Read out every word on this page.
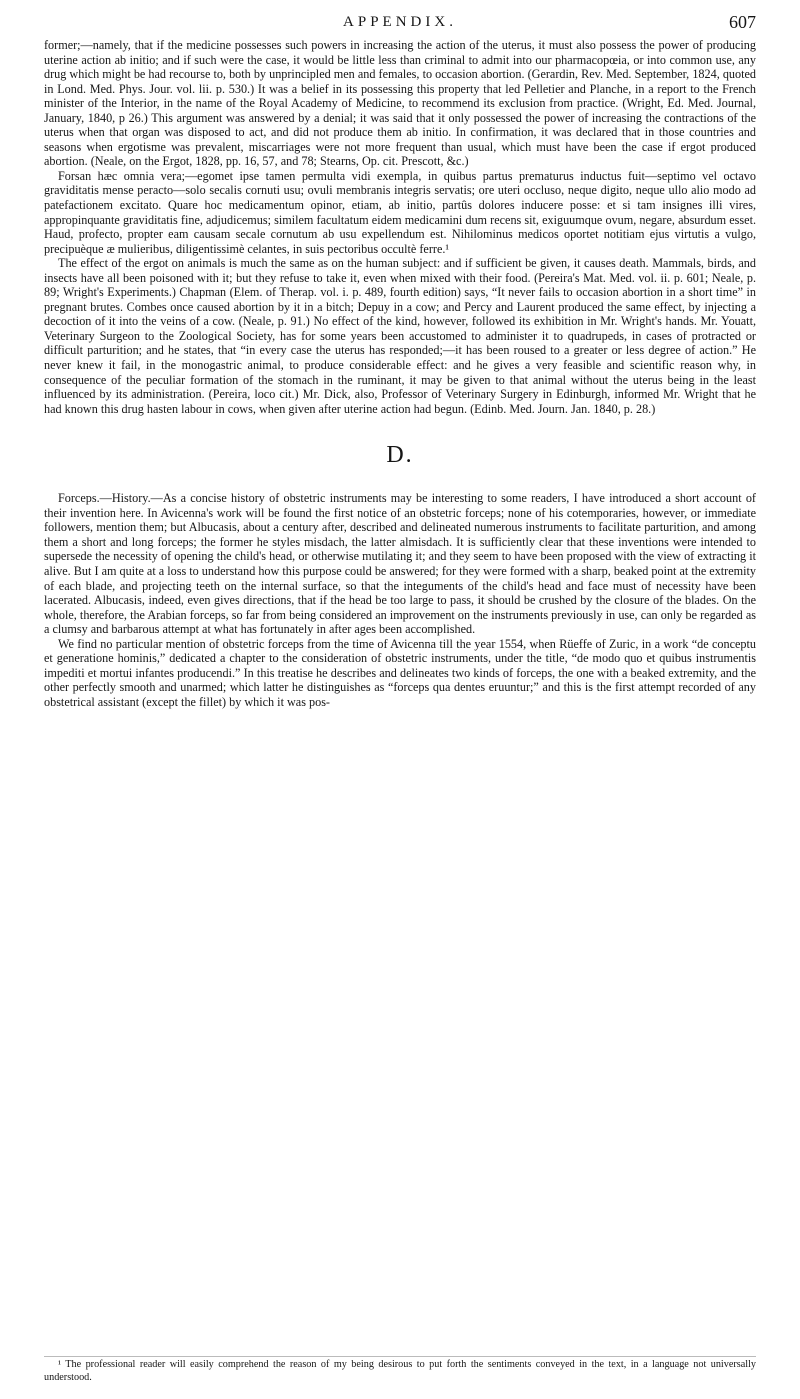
APPENDIX.	607

former;—namely, that if the medicine possesses such powers in increasing the action of the uterus, it must also possess the power of producing uterine action ab initio; and if such were the case, it would be little less than criminal to admit into our pharmacopœia, or into common use, any drug which might be had recourse to, both by unprincipled men and females, to occasion abortion. (Gerardin, Rev. Med. September, 1824, quoted in Lond. Med. Phys. Jour. vol. lii. p. 530.) It was a belief in its possessing this property that led Pelletier and Planche, in a report to the French minister of the Interior, in the name of the Royal Academy of Medicine, to recommend its exclusion from practice. (Wright, Ed. Med. Journal, January, 1840, p 26.) This argument was answered by a denial; it was said that it only possessed the power of increasing the contractions of the uterus when that organ was disposed to act, and did not produce them ab initio. In confirmation, it was declared that in those countries and seasons when ergotisme was prevalent, miscarriages were not more frequent than usual, which must have been the case if ergot produced abortion. (Neale, on the Ergot, 1828, pp. 16, 57, and 78; Stearns, Op. cit. Prescott, &c.)

Forsan hæc omnia vera;—egomet ipse tamen permulta vidi exempla, in quibus partus prematurus inductus fuit—septimo vel octavo graviditatis mense peracto—solo secalis cornuti usu; ovuli membranis integris servatis; ore uteri occluso, neque digito, neque ullo alio modo ad patefactionem excitato. Quare hoc medicamentum opinor, etiam, ab initio, partûs dolores inducere posse: et si tam insignes illi vires, appropinquante graviditatis fine, adjudicemus; similem facultatum eidem medicamini dum recens sit, exiguumque ovum, negare, absurdum esset. Haud, profecto, propter eam causam secale cornutum ab usu expellendum est. Nihilominus medicos oportet notitiam ejus virtutis a vulgo, precipuèque æ mulieribus, diligentissimè celantes, in suis pectoribus occultè ferre.¹

The effect of the ergot on animals is much the same as on the human subject: and if sufficient be given, it causes death. Mammals, birds, and insects have all been poisoned with it; but they refuse to take it, even when mixed with their food. (Pereira's Mat. Med. vol. ii. p. 601; Neale, p. 89; Wright's Experiments.) Chapman (Elem. of Therap. vol. i. p. 489, fourth edition) says, “It never fails to occasion abortion in a short time” in pregnant brutes. Combes once caused abortion by it in a bitch; Depuy in a cow; and Percy and Laurent produced the same effect, by injecting a decoction of it into the veins of a cow. (Neale, p. 91.) No effect of the kind, however, followed its exhibition in Mr. Wright's hands. Mr. Youatt, Veterinary Surgeon to the Zoological Society, has for some years been accustomed to administer it to quadrupeds, in cases of protracted or difficult parturition; and he states, that “in every case the uterus has responded;—it has been roused to a greater or less degree of action.” He never knew it fail, in the monogastric animal, to produce considerable effect: and he gives a very feasible and scientific reason why, in consequence of the peculiar formation of the stomach in the ruminant, it may be given to that animal without the uterus being in the least influenced by its administration. (Pereira, loco cit.) Mr. Dick, also, Professor of Veterinary Surgery in Edinburgh, informed Mr. Wright that he had known this drug hasten labour in cows, when given after uterine action had begun. (Edinb. Med. Journ. Jan. 1840, p. 28.)

D.

Forceps.—History.—As a concise history of obstetric instruments may be interesting to some readers, I have introduced a short account of their invention here. In Avicenna's work will be found the first notice of an obstetric forceps; none of his cotemporaries, however, or immediate followers, mention them; but Albucasis, about a century after, described and delineated numerous instruments to facilitate parturition, and among them a short and long forceps; the former he styles misdach, the latter almisdach. It is sufficiently clear that these inventions were intended to supersede the necessity of opening the child's head, or otherwise mutilating it; and they seem to have been proposed with the view of extracting it alive. But I am quite at a loss to understand how this purpose could be answered; for they were formed with a sharp, beaked point at the extremity of each blade, and projecting teeth on the internal surface, so that the integuments of the child's head and face must of necessity have been lacerated. Albucasis, indeed, even gives directions, that if the head be too large to pass, it should be crushed by the closure of the blades. On the whole, therefore, the Arabian forceps, so far from being considered an improvement on the instruments previously in use, can only be regarded as a clumsy and barbarous attempt at what has fortunately in after ages been accomplished.

We find no particular mention of obstetric forceps from the time of Avicenna till the year 1554, when Rüeffe of Zuric, in a work “de conceptu et generatione hominis,” dedicated a chapter to the consideration of obstetric instruments, under the title, “de modo quo et quibus instrumentis impediti et mortui infantes producendi.” In this treatise he describes and delineates two kinds of forceps, the one with a beaked extremity, and the other perfectly smooth and unarmed; which latter he distinguishes as “forceps qua dentes eruuntur;” and this is the first attempt recorded of any obstetrical assistant (except the fillet) by which it was pos-

¹ The professional reader will easily comprehend the reason of my being desirous to put forth the sentiments conveyed in the text, in a language not universally understood.
